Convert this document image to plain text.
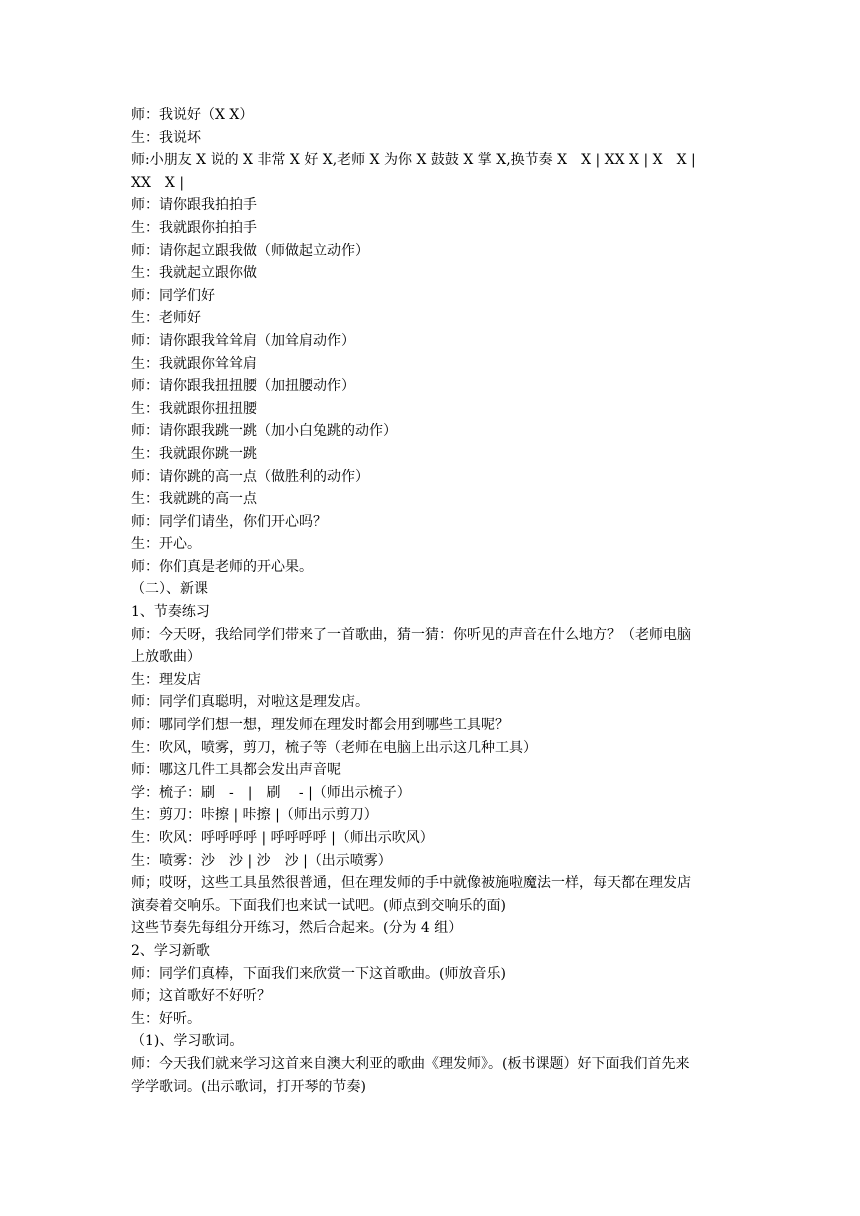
师：我说好（X X）
生：我说坏
师:小朋友 X 说的 X 非常 X 好 X,老师 X 为你 X 鼓鼓 X 掌 X,换节奏 X　X | XX X | X　X |
XX　X |
师：请你跟我拍拍手
生：我就跟你拍拍手
师：请你起立跟我做（师做起立动作）
生：我就起立跟你做
师：同学们好
生：老师好
师：请你跟我耸耸肩（加耸肩动作）
生：我就跟你耸耸肩
师：请你跟我扭扭腰（加扭腰动作）
生：我就跟你扭扭腰
师：请你跟我跳一跳（加小白兔跳的动作）
生：我就跟你跳一跳
师：请你跳的高一点（做胜利的动作）
生：我就跳的高一点
师：同学们请坐，你们开心吗？
生：开心。
师：你们真是老师的开心果。
（二）、新课
1、节奏练习
师：今天呀，我给同学们带来了一首歌曲，猜一猜：你听见的声音在什么地方？（老师电脑
上放歌曲）
生：理发店
师：同学们真聪明，对啦这是理发店。
师：哪同学们想一想，理发师在理发时都会用到哪些工具呢？
生：吹风，喷雾，剪刀，梳子等（老师在电脑上出示这几种工具）
师：哪这几件工具都会发出声音呢
学：梳子：刷　-　|　刷　 - |（师出示梳子）
生：剪刀：咔擦 | 咔擦 |（师出示剪刀）
生：吹风：呼呼呼呼 | 呼呼呼呼 |（师出示吹风）
生：喷雾：沙　沙 | 沙　沙 |（出示喷雾）
师；哎呀，这些工具虽然很普通，但在理发师的手中就像被施啦魔法一样，每天都在理发店
演奏着交响乐。下面我们也来试一试吧。(师点到交响乐的面)
这些节奏先每组分开练习，然后合起来。(分为 4 组）
2、学习新歌
师：同学们真棒，下面我们来欣赏一下这首歌曲。(师放音乐)
师；这首歌好不好听？
生：好听。
（1)、学习歌词。
师：今天我们就来学习这首来自澳大利亚的歌曲《理发师》。(板书课题）好下面我们首先来
学学歌词。(出示歌词，打开琴的节奏)
